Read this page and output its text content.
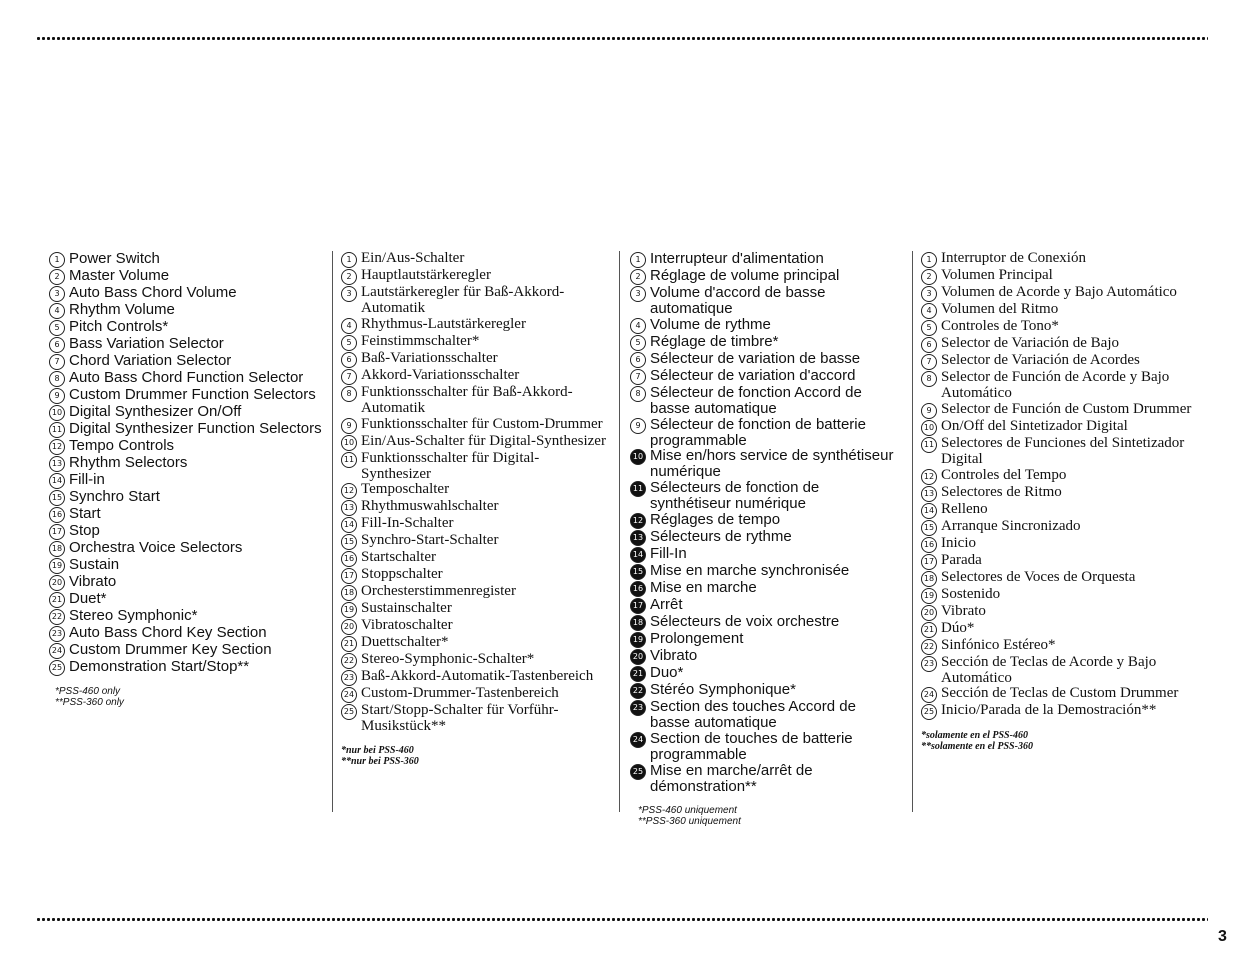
1 Power Switch
2 Master Volume
3 Auto Bass Chord Volume
4 Rhythm Volume
5 Pitch Controls*
6 Bass Variation Selector
7 Chord Variation Selector
8 Auto Bass Chord Function Selector
9 Custom Drummer Function Selectors
10 Digital Synthesizer On/Off
11 Digital Synthesizer Function Selectors
12 Tempo Controls
13 Rhythm Selectors
14 Fill-in
15 Synchro Start
16 Start
17 Stop
18 Orchestra Voice Selectors
19 Sustain
20 Vibrato
21 Duet*
22 Stereo Symphonic*
23 Auto Bass Chord Key Section
24 Custom Drummer Key Section
25 Demonstration Start/Stop**
*PSS-460 only
**PSS-360 only
1 Ein/Aus-Schalter
2 Hauptlautstärkeregler
3 Lautstärkeregler für Baß-Akkord-Automatik
4 Rhythmus-Lautstärkeregler
5 Feinstimmschalter*
6 Baß-Variationsschalter
7 Akkord-Variationsschalter
8 Funktionsschalter für Baß-Akkord-Automatik
9 Funktionsschalter für Custom-Drummer
10 Ein/Aus-Schalter für Digital-Synthesizer
11 Funktionsschalter für Digital-Synthesizer
12 Temposchalter
13 Rhythmuswahlschalter
14 Fill-In-Schalter
15 Synchro-Start-Schalter
16 Startschalter
17 Stoppschalter
18 Orchesterstimmenregister
19 Sustainschalter
20 Vibratoschalter
21 Duettschalter*
22 Stereo-Symphonic-Schalter*
23 Baß-Akkord-Automatik-Tastenbereich
24 Custom-Drummer-Tastenbereich
25 Start/Stopp-Schalter für Vorführ-Musikstück**
*nur bei PSS-460
**nur bei PSS-360
1 Interrupteur d'alimentation
2 Réglage de volume principal
3 Volume d'accord de basse automatique
4 Volume de rythme
5 Réglage de timbre*
6 Sélecteur de variation de basse
7 Sélecteur de variation d'accord
8 Sélecteur de fonction Accord de basse automatique
9 Sélecteur de fonction de batterie programmable
10 Mise en/hors service de synthétiseur numérique
11 Sélecteurs de fonction de synthétiseur numérique
12 Réglages de tempo
13 Sélecteurs de rythme
14 Fill-In
15 Mise en marche synchronisée
16 Mise en marche
17 Arrêt
18 Sélecteurs de voix orchestre
19 Prolongement
20 Vibrato
21 Duo*
22 Stéréo Symphonique*
23 Section des touches Accord de basse automatique
24 Section de touches de batterie programmable
25 Mise en marche/arrêt de démonstration**
*PSS-460 uniquement
**PSS-360 uniquement
1 Interruptor de Conexión
2 Volumen Principal
3 Volumen de Acorde y Bajo Automático
4 Volumen del Ritmo
5 Controles de Tono*
6 Selector de Variación de Bajo
7 Selector de Variación de Acordes
8 Selector de Función de Acorde y Bajo Automático
9 Selector de Función de Custom Drummer
10 On/Off del Sintetizador Digital
11 Selectores de Funciones del Sintetizador Digital
12 Controles del Tempo
13 Selectores de Ritmo
14 Relleno
15 Arranque Sincronizado
16 Inicio
17 Parada
18 Selectores de Voces de Orquesta
19 Sostenido
20 Vibrato
21 Dúo*
22 Sinfónico Estéreo*
23 Sección de Teclas de Acorde y Bajo Automático
24 Sección de Teclas de Custom Drummer
25 Inicio/Parada de la Demostración**
*solamente en el PSS-460
**solamente en el PSS-360
3
